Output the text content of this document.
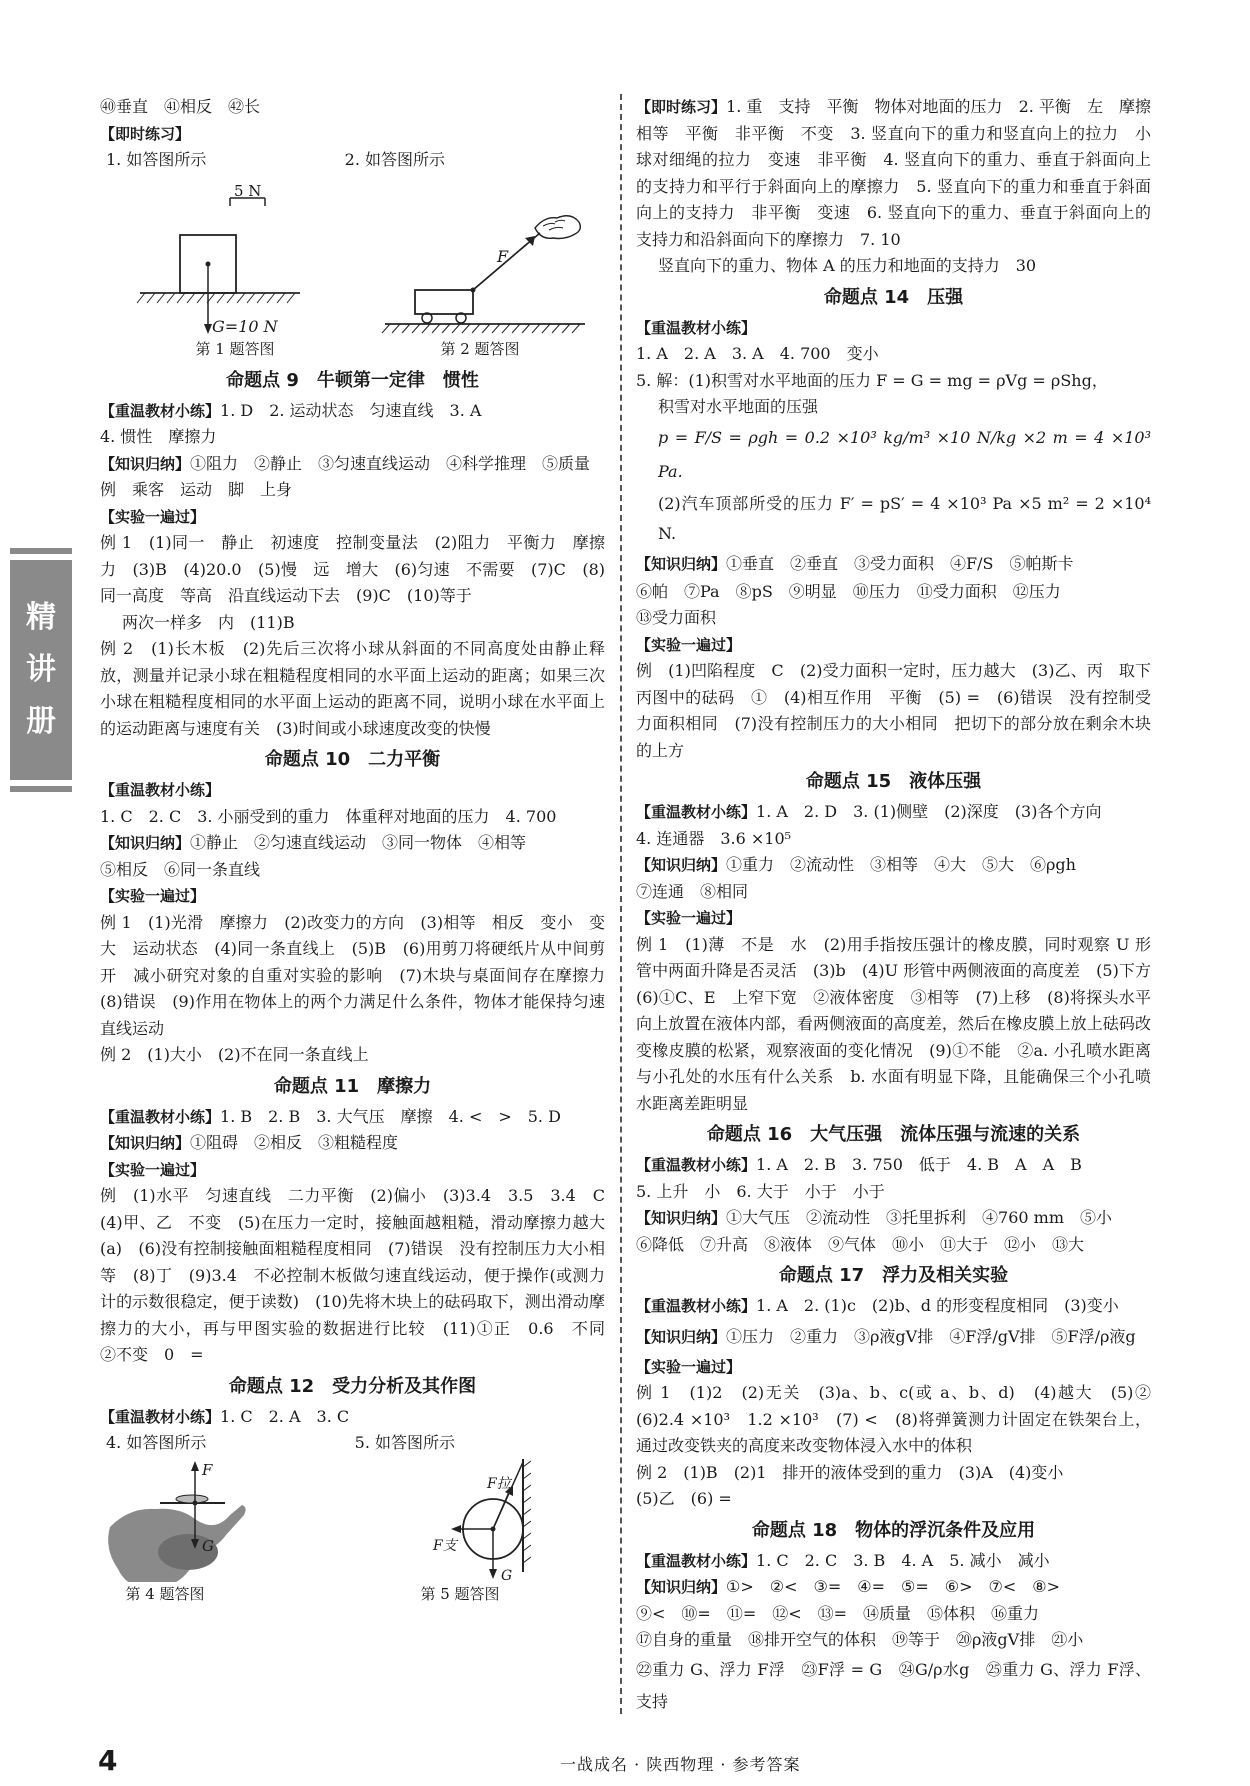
精
讲
册

㊵垂直　㊶相反　㊷长

【即时练习】

1. 如答图所示	2. 如答图所示
5 N
G=10 N
第 1 题答图
F
第 2 题答图
命题点 9　牛顿第一定律　惯性

【重温教材小练】1. D　2. 运动状态　匀速直线　3. A

4. 惯性　摩擦力

【知识归纳】①阻力　②静止　③匀速直线运动　④科学推理　⑤质量

例　乘客　运动　脚　上身

【实验一遍过】

例 1　(1)同一　静止　初速度　控制变量法　(2)阻力　平衡力　摩擦力　(3)B　(4)20.0　(5)慢　远　增大　(6)匀速　不需要　(7)C　(8)同一高度　等高　沿直线运动下去　(9)C　(10)等于

两次一样多　内　(11)B

例 2　(1)长木板　(2)先后三次将小球从斜面的不同高度处由静止释放，测量并记录小球在粗糙程度相同的水平面上运动的距离；如果三次小球在粗糙程度相同的水平面上运动的距离不同，说明小球在水平面上的运动距离与速度有关　(3)时间或小球速度改变的快慢

命题点 10　二力平衡

【重温教材小练】

1. C　2. C　3. 小丽受到的重力　体重秤对地面的压力　4. 700

【知识归纳】①静止　②匀速直线运动　③同一物体　④相等

⑤相反　⑥同一条直线

【实验一遍过】

例 1　(1)光滑　摩擦力　(2)改变力的方向　(3)相等　相反　变小　变大　运动状态　(4)同一条直线上　(5)B　(6)用剪刀将硬纸片从中间剪开　减小研究对象的自重对实验的影响　(7)木块与桌面间存在摩擦力　(8)错误　(9)作用在物体上的两个力满足什么条件，物体才能保持匀速直线运动

例 2　(1)大小　(2)不在同一条直线上

命题点 11　摩擦力

【重温教材小练】1. B　2. B　3. 大气压　摩擦　4. <　>　5. D

【知识归纳】①阻碍　②相反　③粗糙程度

【实验一遍过】

例　(1)水平　匀速直线　二力平衡　(2)偏小　(3)3.4　3.5　3.4　C　(4)甲、乙　不变　(5)在压力一定时，接触面越粗糙，滑动摩擦力越大　(a)　(6)没有控制接触面粗糙程度相同　(7)错误　没有控制压力大小相等　(8)丁　(9)3.4　不必控制木板做匀速直线运动，便于操作(或测力计的示数很稳定，便于读数)　(10)先将木块上的砝码取下，测出滑动摩擦力的大小，再与甲图实验的数据进行比较　(11)①正　0.6　不同　②不变　0　=

命题点 12　受力分析及其作图

【重温教材小练】1. C　2. A　3. C

4. 如答图所示	5. 如答图所示
F
G
第 4 题答图
F拉
F支
G
第 5 题答图

【即时练习】1. 重　支持　平衡　物体对地面的压力　2. 平衡　左　摩擦　相等　平衡　非平衡　不变　3. 竖直向下的重力和竖直向上的拉力　小球对细绳的拉力　变速　非平衡　4. 竖直向下的重力、垂直于斜面向上的支持力和平行于斜面向上的摩擦力　5. 竖直向下的重力和垂直于斜面向上的支持力　非平衡　变速　6. 竖直向下的重力、垂直于斜面向上的支持力和沿斜面向下的摩擦力　7. 10

竖直向下的重力、物体 A 的压力和地面的支持力　30

命题点 14　压强

【重温教材小练】

1. A　2. A　3. A　4. 700　变小

5. 解：(1)积雪对水平地面的压力 F = G = mg = ρVg = ρShg，

积雪对水平地面的压强

p = F/S = ρgh = 0.2 ×10³ kg/m³ ×10 N/kg ×2 m = 4 ×10³ Pa.

(2)汽车顶部所受的压力 F′ = pS′ = 4 ×10³ Pa ×5 m² = 2 ×10⁴ N.

【知识归纳】①垂直　②垂直　③受力面积　④F/S　⑤帕斯卡

⑥帕　⑦Pa　⑧pS　⑨明显　⑩压力　⑪受力面积　⑫压力

⑬受力面积

【实验一遍过】

例　(1)凹陷程度　C　(2)受力面积一定时，压力越大　(3)乙、丙　取下丙图中的砝码　①　(4)相互作用　平衡　(5) =　(6)错误　没有控制受力面积相同　(7)没有控制压力的大小相同　把切下的部分放在剩余木块的上方

命题点 15　液体压强

【重温教材小练】1. A　2. D　3. (1)侧壁　(2)深度　(3)各个方向

4. 连通器　3.6 ×10⁵

【知识归纳】①重力　②流动性　③相等　④大　⑤大　⑥ρgh

⑦连通　⑧相同

【实验一遍过】

例 1　(1)薄　不是　水　(2)用手指按压强计的橡皮膜，同时观察 U 形管中两面升降是否灵活　(3)b　(4)U 形管中两侧液面的高度差　(5)下方　(6)①C、E　上窄下宽　②液体密度　③相等　(7)上移　(8)将探头水平向上放置在液体内部，看两侧液面的高度差，然后在橡皮膜上放上砝码改变橡皮膜的松紧，观察液面的变化情况　(9)①不能　②a. 小孔喷水距离与小孔处的水压有什么关系　b. 水面有明显下降，且能确保三个小孔喷水距离差距明显

命题点 16　大气压强　流体压强与流速的关系

【重温教材小练】1. A　2. B　3. 750　低于　4. B　A　A　B

5. 上升　小　6. 大于　小于　小于

【知识归纳】①大气压　②流动性　③托里拆利　④760 mm　⑤小

⑥降低　⑦升高　⑧液体　⑨气体　⑩小　⑪大于　⑫小　⑬大

命题点 17　浮力及相关实验

【重温教材小练】1. A　2. (1)c　(2)b、d 的形变程度相同　(3)变小

【知识归纳】①压力　②重力　③ρ液gV排　④F浮/gV排　⑤F浮/ρ液g

【实验一遍过】

例 1　(1)2　(2)无关　(3)a、b、c(或 a、b、d)　(4)越大　(5)②　(6)2.4 ×10³　1.2 ×10³　(7) <　(8)将弹簧测力计固定在铁架台上，通过改变铁夹的高度来改变物体浸入水中的体积

例 2　(1)B　(2)1　排开的液体受到的重力　(3)A　(4)变小

(5)乙　(6) =

命题点 18　物体的浮沉条件及应用

【重温教材小练】1. C　2. C　3. B　4. A　5. 减小　减小

【知识归纳】①>　②<　③=　④=　⑤=　⑥>　⑦<　⑧>

⑨<　⑩=　⑪=　⑫<　⑬=　⑭质量　⑮体积　⑯重力

⑰自身的重量　⑱排开空气的体积　⑲等于　⑳ρ液gV排　㉑小

㉒重力 G、浮力 F浮　㉓F浮 = G　㉔G/ρ水g　㉕重力 G、浮力 F浮、支持

4	一战成名 · 陕西物理 · 参考答案
